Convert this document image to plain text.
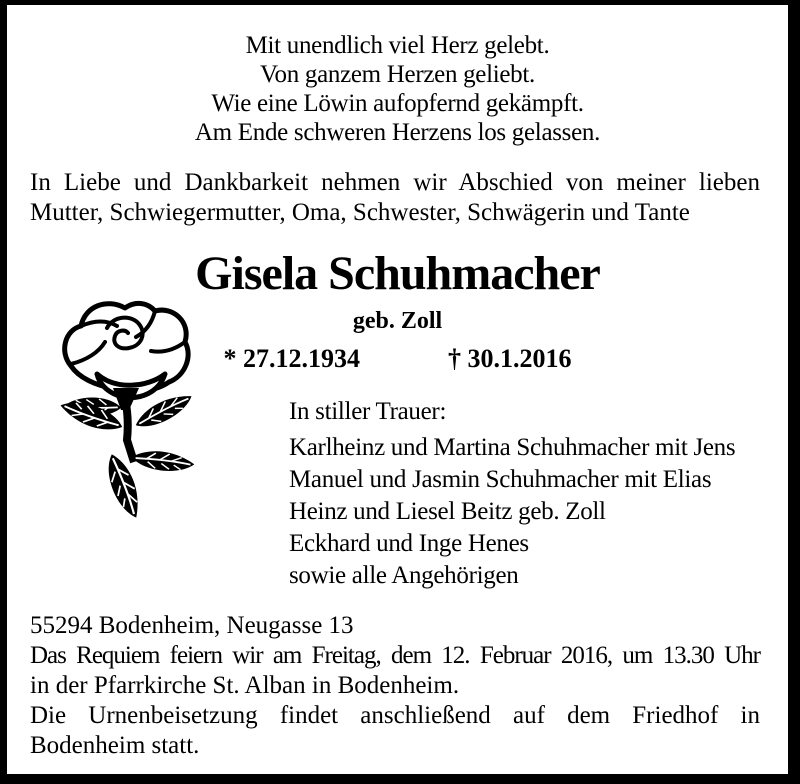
Mit unendlich viel Herz gelebt.
Von ganzem Herzen geliebt.
Wie eine Löwin aufopfernd gekämpft.
Am Ende schweren Herzens los gelassen.
In Liebe und Dankbarkeit nehmen wir Abschied von meiner lieben
Mutter, Schwiegermutter, Oma, Schwester, Schwägerin und Tante
Gisela Schuhmacher
geb. Zoll
* 27.12.1934	† 30.1.2016
In stiller Trauer:
Karlheinz und Martina Schuhmacher mit Jens
Manuel und Jasmin Schuhmacher mit Elias
Heinz und Liesel Beitz geb. Zoll
Eckhard und Inge Henes
sowie alle Angehörigen
55294 Bodenheim, Neugasse 13
Das Requiem feiern wir am Freitag, dem 12. Februar 2016, um 13.30 Uhr
in der Pfarrkirche St. Alban in Bodenheim.
Die Urnenbeisetzung findet anschließend auf dem Friedhof in
Bodenheim statt.
